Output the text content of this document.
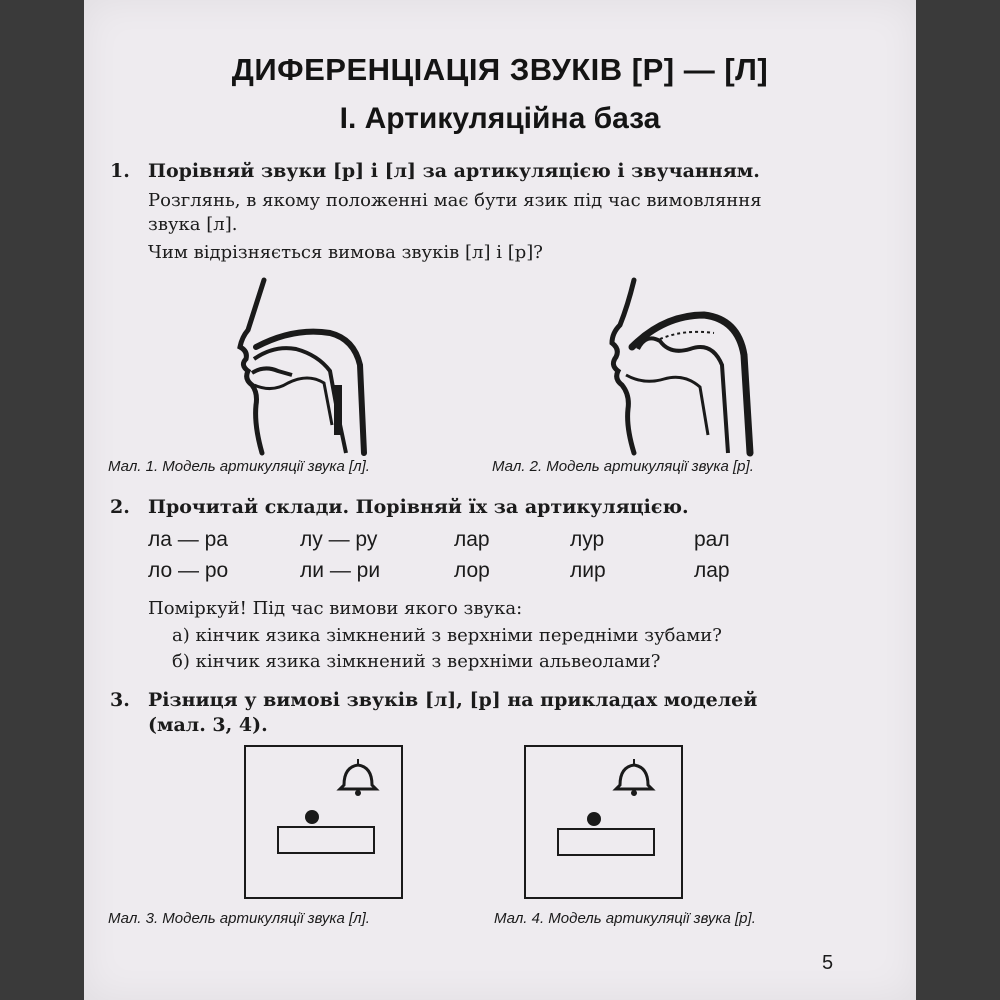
ДИФЕРЕНЦІАЦІЯ ЗВУКІВ [Р] — [Л]
I. Артикуляційна база
1. Порівняй звуки [р] і [л] за артикуляцією і звучанням.
Розглянь, в якому положенні має бути язик під час вимовляння
звука [л].
Чим відрізняється вимова звуків [л] і [р]?
Мал. 1. Модель артикуляції звука [л].	Мал. 2. Модель артикуляції звука [р].
2. Прочитай склади. Порівняй їх за артикуляцією.
ла — ра	лу — ру	лар	лур	рал
ло — ро	ли — ри	лор	лир	лар
Поміркуй! Під час вимови якого звука:
а) кінчик язика зімкнений з верхніми передніми зубами?
б) кінчик язика зімкнений з верхніми альвеолами?
3. Різниця у вимові звуків [л], [р] на прикладах моделей
(мал. 3, 4).
Мал. 3. Модель артикуляції звука [л].	Мал. 4. Модель артикуляції звука [р].
5
